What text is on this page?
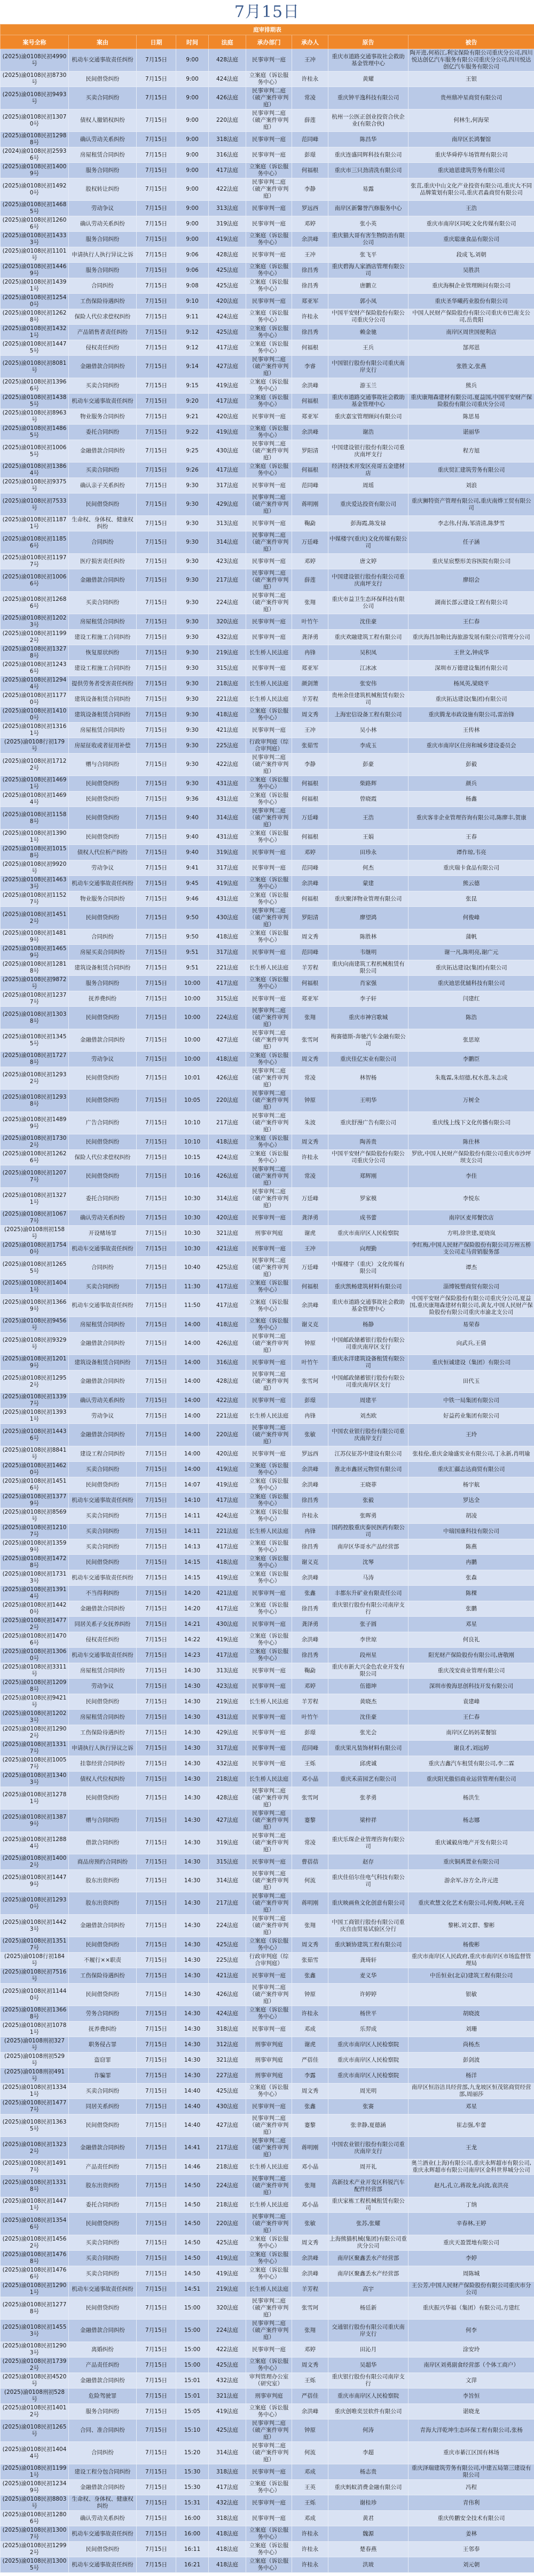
7月15日
庭审排期表								
案号全称	案由	日期	时间	法庭	承办部门	承办人	原告	被告
(2025)渝0108民初4990号	机动车交通事故责任纠纷	7月15日	9:00	428法庭	民事审判一庭	王冲	重庆市道路交通事故社会救助基金管理中心	陶开进,何裕江,利宝保险有限公司重庆分公司,四川悦达创亿汽车服务有限公司重庆分公司,四川悦达创亿汽车服务有限公司
(2025)渝0108民初8730号	民间借贷纠纷	7月15日	9:00	424法庭	立案庭（诉讼服务中心）	许桂永	黄耀	王银
(2025)渝0108民初9493号	买卖合同纠纷	7月15日	9:00	426法庭	民事审判二庭（破产案件审判庭）	常凌	重庆钟平逸科技有限公司	贵州鼎冲星商贸有限公司
(2025)渝0108民初13070号	债权人撤销权纠纷	7月15日	9:00	220法庭	民事审判二庭（破产案件审判庭）	薛莲	杭州一公医正创业投资合伙企业(有限合伙)	何林生,何海荣
(2025)渝0108民初12988号	确认劳动关系纠纷	7月15日	9:00	318法庭	民事审判一庭	范同峰	陈昌华	南岸区长鸿餐馆
(2024)渝0108民初25936号	房屋租赁合同纠纷	7月15日	9:00	316法庭	民事审判一庭	彭璟	重庆连盛同辉科技有限公司	重庆华舜停车场管理有限公司
(2025)渝0108民初14009号	服务合同纠纷	7月15日	9:00	417法庭	立案庭（诉讼服务中心）	何福根	重庆市三只劲清洗有限公司	重庆迪恩建筑劳务有限公司
(2025)渝0108民初14920号	股权转让纠纷	7月15日	9:00	422法庭	民事审判二庭（破产案件审判庭）	李静	易露	张苴,重庆中山文化产业投资有限公司,重庆大不同品牌策划有限公司,重庆君淼商贸有限公司
(2025)渝0108民初14685号	劳动争议	7月15日	9:00	313法庭	民事审判一庭	罗远西	南岸区新馨誉汽修服务中心	王浩
(2025)渝0108民初12606号	确认劳动关系纠纷	7月15日	9:00	319法庭	民事审判一庭	邓婷	张小英	重庆市南岸区同屹文化传媒有限公司
(2025)渝0108民初14333号	服务合同纠纷	7月15日	9:00	419法庭	立案庭（诉讼服务中心）	余洪峰	重庆猫大哥有害生物防治有限公司	重庆聪康食品有限公司
(2025)渝0108民初1101号	申请执行人执行异议之诉	7月15日	9:06	428法庭	民事审判一庭	王冲	张飞平	段成飞,刘朝
(2025)渝0108民初14469号	服务合同纠纷	7月15日	9:06	425法庭	立案庭（诉讼服务中心）	徐昌秀	重庆碧海人家酒店管理有限公司	吴胜洪
(2025)渝0108民初14391号	合同纠纷	7月15日	9:08	425法庭	立案庭（诉讼服务中心）	徐昌秀	唐鹏立	重庆海桐企业管理顾问有限公司
(2025)渝0108民初12540号	工伤保险待遇纠纷	7月15日	9:10	420法庭	民事审判一庭	郑亚军	郭小凤	重庆圣华曦药业股份有限公司
(2025)渝0108民初12628号	保险人代位求偿权纠纷	7月15日	9:11	424法庭	立案庭（诉讼服务中心）	许桂永	中国平安财产保险股份有限公司重庆分公司	中国人民财产保险股份有限公司重庆市巴南支公司,岳贵阳
(2025)渝0108民初14321号	产品销售者责任纠纷	7月15日	9:12	425法庭	立案庭（诉讼服务中心）	徐昌秀	赖金驰	南岸区周世国便利店
(2025)渝0108民初14475号	侵权责任纠纷	7月15日	9:12	417法庭	立案庭（诉讼服务中心）	何福根	王兵	郜邦恩
(2025)渝0108民初8081号	金融借款合同纠纷	7月15日	9:14	427法庭	民事审判二庭（破产案件审判庭）	李睿	中国银行股份有限公司重庆南岸支行	张胜文,张燕
(2025)渝0108民初13966号	买卖合同纠纷	7月15日	9:15	419法庭	立案庭（诉讼服务中心）	余洪峰	游玉兰	熊兵
(2025)渝0108民初14385号	机动车交通事故责任纠纷	7月15日	9:20	417法庭	立案庭（诉讼服务中心）	何福根	重庆市道路交通事故社会救助基金管理中心	重庆康翔森建材有限公司,夏益国,中国平安财产保险股份有限公司重庆分公司
(2025)渝0108民初8963号	物业服务合同纠纷	7月15日	9:21	420法庭	民事审判一庭	郑亚军	重庆嘉宝管理顾问有限公司	陈思易
(2025)渝0108民初14865号	委托合同纠纷	7月15日	9:22	419法庭	立案庭（诉讼服务中心）	余洪峰	谢浩	谌丽华
(2025)渝0108民初10065号	金融借款合同纠纷	7月15日	9:25	430法庭	民事审判二庭（破产案件审判庭）	罗阳清	中国建设银行股份有限公司重庆南坪支行	程方旭
(2025)渝0108民初13864号	买卖合同纠纷	7月15日	9:26	417法庭	立案庭（诉讼服务中心）	何福根	经济技术开发区亮哥五金建材店	重庆贸汇建筑劳务有限公司
(2025)渝0108民初9375号	确认亲子关系纠纷	7月15日	9:30	317法庭	民事审判一庭	范同峰	周瑶	刘浪
(2025)渝0108民初7533号	民间借贷纠纷	7月15日	9:30	429法庭	民事审判二庭（破产案件审判庭）	蒋明刚	重庆爱达投资有限公司	重庆狮特资产管理有限公司,重庆南烨工贸有限公司
(2025)渝0108民初11871号	生命权、身体权、健康权纠纷	7月15日	9:30	313法庭	民事审判一庭	鞠勐	彭海霞,陈发禄	李志伟,付海,邹清清,陈梦雪
(2025)渝0108民初11856号	合同纠纷	7月15日	9:30	314法庭	民事审判二庭（破产案件审判庭）	万廷峰	中媒楼宇(重庆)文化传媒有限公司	任子涵
(2025)渝0108民初11977号	医疗损害责任纠纷	7月15日	9:30	423法庭	民事审判一庭	邓婷	唐文婷	重庆星宸整形美容医院有限公司
(2025)渝0108民初10066号	金融借款合同纠纷	7月15日	9:30	217法庭	民事审判二庭（破产案件审判庭）	薛莲	中国建设银行股份有限公司重庆南坪支行	廖绍会
(2025)渝0108民初12686号	买卖合同纠纷	7月15日	9:30	224法庭	民事审判二庭（破产案件审判庭）	张翔	重庆市益卫生态环保科技有限公司	湖南长部云建设工程有限公司
(2025)渝0108民初12023号	房屋租赁合同纠纷	7月15日	9:30	320法庭	民事审判一庭	叶竹午	沈佳豪	王仁春
(2025)渝0108民初11992号	建设工程施工合同纠纷	7月15日	9:30	432法庭	民事审判一庭	龚泽勇	重庆欢融建筑工程有限公司	重庆海昌加勒比海旅游发展有限公司管理分公司
(2025)渝0108民初13278号	恢复原状纠纷	7月15日	9:30	219法庭	长生桥人民法庭	冉锋	吴积凤	王世文,钟成华
(2025)渝0108民初12436号	建设工程施工合同纠纷	7月15日	9:30	315法庭	民事审判一庭	郑亚军	江冰冰	深圳市万德建设集团有限公司
(2025)渝0108民初12944号	提供劳务者受害责任纠纷	7月15日	9:30	218法庭	长生桥人民法庭	颜剑箫	张安伟	杨凤英,梁晓平
(2025)渝0108民初11770号	建筑设备租赁合同纠纷	7月15日	9:30	221法庭	长生桥人民法庭	羊芳程	贵州余佳建筑机械租赁有限公司	重庆拓达建设(集团)有限公司
(2025)渝0108民初14100号	建筑设备租赁合同纠纷	7月15日	9:30	418法庭	立案庭（诉讼服务中心）	周文秀	上海宏信设备工程有限公司	重庆腾龙市政设施有限公司,雷治锋
(2025)渝0108民初13161号	房屋租赁合同纠纷	7月15日	9:30	421法庭	民事审判一庭	王冲	吴小林	王传林
(2025)渝0108行初179号	房屋征收或者征用补偿	7月15日	9:30	225法庭	行政审判庭（综合审判庭）	张茹雪	李成玉	重庆市南岸区住房和城乡建设委员会
(2025)渝0108民初17122号	赠与合同纠纷	7月15日	9:30	422法庭	民事审判二庭（破产案件审判庭）	李静	彭豪	彭毅
(2025)渝0108民初14691号	民间借贷纠纷	7月15日	9:30	431法庭	立案庭（诉讼服务中心）	何福根	柴路辉	颜兵
(2025)渝0108民初14694号	民间借贷纠纷	7月15日	9:36	431法庭	立案庭（诉讼服务中心）	何福根	曾晓霞	杨鑫
(2025)渝0108民初11588号	民间借贷纠纷	7月15日	9:40	314法庭	民事审判二庭（破产案件审判庭）	万廷峰	王浩	重庆客非企业管理咨询有限公司,陈廖丰,贺康
(2025)渝0108民初13901号	民间借贷纠纷	7月15日	9:40	431法庭	立案庭（诉讼服务中心）	何福根	王娟	王春
(2025)渝0108民初10158号	债权人代位析产纠纷	7月15日	9:40	319法庭	民事审判一庭	邓婷	田珍永	谭作琼,韦亮
(2025)渝0108民初9920号	劳动争议	7月15日	9:41	317法庭	民事审判一庭	范同峰	何杰	重庆瑞卡食品有限公司
(2025)渝0108民初14633号	机动车交通事故责任纠纷	7月15日	9:45	419法庭	立案庭（诉讼服务中心）	余洪峰	蒙建	熊云德
(2025)渝0108民初11527号	物业服务合同纠纷	7月15日	9:46	431法庭	立案庭（诉讼服务中心）	何福根	重庆聚泽物业管理有限公司	张昆
(2025)渝0108民初14512号	民间借贷纠纷	7月15日	9:50	430法庭	民事审判二庭（破产案件审判庭）	罗阳清	廖望鸿	何俊峰
(2025)渝0108民初14819号	合同纠纷	7月15日	9:50	418法庭	立案庭（诉讼服务中心）	周文秀	陈胜林	蒲帆
(2025)渝0108民初14659号	房屋买卖合同纠纷	7月15日	9:51	317法庭	民事审判一庭	范同峰	韦继明	谢一凡,陈明亮,谢广元
(2025)渝0108民初12818号	建筑设备租赁合同纠纷	7月15日	9:51	221法庭	长生桥人民法庭	羊芳程	重庆向南建筑工程机械租赁有限公司	重庆拓达建设(集团)有限公司
(2025)渝0108民初9872号	服务合同纠纷	7月15日	10:00	417法庭	立案庭（诉讼服务中心）	何福根	肖家强	重庆迪思优辅科技有限公司
(2025)渝0108民初12377号	抚养费纠纷	7月15日	10:00	315法庭	民事审判一庭	郑亚军	李子轩	闫建红
(2025)渝0108民初13038号	民间借贷纠纷	7月15日	10:00	224法庭	民事审判二庭（破产案件审判庭）	张翔	重庆市神宫歌城	陈浩
(2025)渝0108民初13455号	金融借款合同纠纷	7月15日	10:00	427法庭	民事审判二庭（破产案件审判庭）	张雪珂	梅赛德斯-奔驰汽车金融有限公司	张思琼
(2025)渝0108民初17278号	劳动争议	7月15日	10:00	418法庭	立案庭（诉讼服务中心）	周文秀	重庆佳亿实业有限公司	李鹏臣
(2025)渝0108民初12932号	民间借贷纠纷	7月15日	10:01	426法庭	民事审判二庭（破产案件审判庭）	常凌	林智杨	朱胤霖,朱绍德,权水莲,朱志成
(2025)渝0108民初12938号	民间借贷纠纷	7月15日	10:05	220法庭	民事审判二庭（破产案件审判庭）	钟原	王明华	万树全
(2025)渝0108民初14899号	广告合同纠纷	7月15日	10:10	217法庭	民事审判二庭（破产案件审判庭）	朱波	重庆舒漫广告有限公司	重庆线上线下文化传播有限公司
(2025)渝0108民初17302号	民间借贷纠纷	7月15日	10:10	418法庭	立案庭（诉讼服务中心）	周文秀	陶善贵	陈仕林
(2025)渝0108民初12626号	保险人代位求偿权纠纷	7月15日	10:15	424法庭	立案庭（诉讼服务中心）	许桂永	中国平安财产保险股份有限公司重庆分公司	罗欣,中国人民财产保险股份有限公司重庆市沙坪坝支公司
(2025)渝0108民初12077号	民间借贷纠纷	7月15日	10:16	426法庭	民事审判二庭（破产案件审判庭）	常凌	郑辉刚	李佳
(2025)渝0108民初13271号	委托合同纠纷	7月15日	10:30	314法庭	民事审判二庭（破产案件审判庭）	万廷峰	罗家模	李悦东
(2025)渝0108民初10677号	确认劳动关系纠纷	7月15日	10:30	420法庭	民事审判一庭	龚泽勇	成书蕾	南岸区麦邦餐饮店
(2025)渝0108刑初158号	开设赌场罪	7月15日	10:30	321法庭	刑事审判庭	谢虎	重庆市南岸区人民检察院	方明,徐世建,夏晓岚
(2025)渝0108民初17540号	机动车交通事故责任纠纷	7月15日	10:30	421法庭	民事审判一庭	王冲	向理勤	李红梅,中国人民财产保险股份有限公司万州五桥支公司走马营销服务部
(2025)渝0108民初12655号	合同纠纷	7月15日	10:40	425法庭	民事审判二庭（破产案件审判庭）	万廷峰	中媒楼宇（重庆）文化传媒有限公司	谭杰
(2025)渝0108民初14041号	买卖合同纠纷	7月15日	11:30	417法庭	立案庭（诉讼服务中心）	何福根	重庆凯畅建筑材料有限公司	淄博锐塑商贸有限公司
(2025)渝0108民初13669号	机动车交通事故责任纠纷	7月15日	11:50	417法庭	立案庭（诉讼服务中心）	余洪峰	重庆市道路交通事故社会救助基金管理中心	中国平安财产保险股份有限公司重庆分公司,夏益国,重庆康翔森建材有限公司,黄友,中国人民财产保险股份有限公司重庆市渝北支公司
(2025)渝0108民初9456号	房屋租赁合同纠纷	7月15日	14:00	418法庭	立案庭（诉讼服务中心）	谢义克	杨静	易荣春
(2025)渝0108民初9329号	金融借款合同纠纷	7月15日	14:00	426法庭	民事审判二庭（破产案件审判庭）	钟原	中国邮政储蓄银行股份有限公司重庆南岸区支行	向武兵,王倩
(2025)渝0108民初12019号	建筑设备租赁合同纠纷	7月15日	14:00	316法庭	民事审判一庭	叶竹午	重庆永洋建筑设备租赁有限公司	重庆恒诚建设（集团）有限公司
(2025)渝0108民初12952号	金融借款合同纠纷	7月15日	14:00	428法庭	民事审判二庭（破产案件审判庭）	张雪珂	中国邮政储蓄银行股份有限公司重庆南岸区支行	田代玉
(2025)渝0108民初13397号	确认劳动关系纠纷	7月15日	14:00	422法庭	民事审判一庭	彭璟	周建平	中铁一局集团有限公司
(2025)渝0108民初13931号	劳动争议	7月15日	14:00	221法庭	长生桥人民法庭	冉锋	刘杰欧	好益药业集团有限公司
(2025)渝0108民初14436号	金融借款合同纠纷	7月15日	14:00	220法庭	民事审判二庭（破产案件审判庭）	张敏	中国农业银行股份有限公司重庆南岸支行	王玲
(2025)渝0108民初8841号	建设工程合同纠纷	7月15日	14:00	420法庭	民事审判一庭	罗远西	江苏仪征苏中建设有限公司	张桂伦,重庆金瑜盛实业有限公司,丁永新,肖明瑜
(2025)渝0108民初14620号	买卖合同纠纷	7月15日	14:00	419法庭	立案庭（诉讼服务中心）	余洪峰	淮北市鑫居元物贸有限公司	重庆汇疆志达商贸有限公司
(2025)渝0108民初14516号	民间借贷纠纷	7月15日	14:07	419法庭	立案庭（诉讼服务中心）	余洪峰	王晓菲	杨宇航
(2025)渝0108民初13779号	机动车交通事故责任纠纷	7月15日	14:10	417法庭	立案庭（诉讼服务中心）	徐昌秀	张毅	罗达全
(2025)渝0108民初8569号	买卖合同纠纷	7月15日	14:11	424法庭	立案庭（诉讼服务中心）	许桂永	张晖勇	胡凌
(2025)渝0108民初12107号	买卖合同纠纷	7月15日	14:11	221法庭	长生桥人民法庭	冉锋	国药控股重庆泰民医药有限公司	中瑞国康科技有限公司
(2025)渝0108民初13599号	买卖合同纠纷	7月15日	14:13	417法庭	立案庭（诉讼服务中心）	徐昌秀	南岸区华哥水产品经营部	陈燕
(2025)渝0108民初14728号	民间借贷纠纷	7月15日	14:15	418法庭	立案庭（诉讼服务中心）	谢义克	沈琴	冉鹏
(2025)渝0108民初17313号	机动车交通事故责任纠纷	7月15日	14:15	419法庭	立案庭（诉讼服务中心）	余洪峰	马涛	张森
(2025)渝0108民初13914号	不当得利纠纷	7月15日	14:20	421法庭	民事审判一庭	张鑫	丰都东升矿业有限责任公司	陈棵
(2025)渝0108民初14420号	金融借款合同纠纷	7月15日	14:20	417法庭	立案庭（诉讼服务中心）	徐昌秀	重庆银行股份有限公司南岸支行	张鹏
(2025)渝0108民初14772号	同居关系子女抚养纠纷	7月15日	14:21	430法庭	民事审判一庭	龚泽勇	张子圆	邓星
(2025)渝0108民初14706号	侵权责任纠纷	7月15日	14:22	419法庭	立案庭（诉讼服务中心）	余洪峰	李世琼	何良礼
(2025)渝0108民初13060号	机动车交通事故责任纠纷	7月15日	14:23	417法庭	立案庭（诉讼服务中心）	徐昌秀	段州星	阳光财产保险股份有限公司,唐敬刚
(2025)渝0108民初3311号	房屋租赁合同纠纷	7月15日	14:30	313法庭	民事审判一庭	鞠勐	重庆市新大兴金色农业开发有限公司	重庆茂安商业管理有限公司
(2025)渝0108民初12098号	劳动争议	7月15日	14:30	423法庭	民事审判一庭	邓婷	伍德坤	深圳市俊海思创科技开发有限公司
(2025)渝0108民初9421号	民间借贷纠纷	7月15日	14:30	219法庭	长生桥人民法庭	羊芳程	黄晓杰	袁建峰
(2025)渝0108民初12023号	房屋租赁合同纠纷	7月15日	14:30	431法庭	民事审判一庭	叶竹午	沈佳豪	王仁春
(2025)渝0108民初12902号	工伤保险待遇纠纷	7月15日	14:30	429法庭	民事审判一庭	彭璟	张光会	南岸区亿妈妈菜餐馆
(2025)渝0108民初13317号	申请执行人执行异议之诉	7月15日	14:30	317法庭	民事审判一庭	范同峰	重庆果凡装饰材料有限公司	谢良才,刘远婷
(2025)渝0108民初10057号	挂靠经营合同纠纷	7月15日	14:30	432法庭	民事审判一庭	王烁	邱虎诚	重庆吉鑫汽车租赁有限公司,李二霖
(2025)渝0108民初13403号	债权人代位权纠纷	7月15日	14:30	218法庭	长生桥人民法庭	邓小晶	重庆禾苗园艺有限公司	重庆阳光傲佰商业运营管理有限公司
(2025)渝0108民初12781号	民间借贷纠纷	7月15日	14:30	428法庭	民事审判二庭（破产案件审判庭）	张雪珂	张孝勇	杨洪生
(2025)渝0108民初13879号	赠与合同纠纷	7月15日	14:30	427法庭	民事审判二庭（破产案件审判庭）	蹇黎	梁梓祥	杨志娜
(2025)渝0108民初12884号	借款合同纠纷	7月15日	14:30	319法庭	民事审判二庭（破产案件审判庭）	常凌	重庆乐琛企业管理咨询有限公司	重庆诚毅房地产开发有限公司
(2025)渝0108民初14002号	商品房预约合同纠纷	7月15日	14:30	315法庭	民事审判一庭	曹蓓蓓	赵存	重庆铜禹置业有限公司
(2025)渝0108民初14479号	股东出资纠纷	7月15日	14:30	314法庭	民事审判二庭（破产案件审判庭）	何流	重庆佳佰尔佳电气科技有限公司	游余军,谷方全,许元进
(2025)渝0108民初12930号	股东出资纠纷	7月15日	14:30	217法庭	民事审判二庭（破产案件审判庭）	蒋明刚	重庆映画鱼文化创意有限公司	重庆欢慧文化艺术有限公司,何俊,何峡,王亮
(2025)渝0108民初14423号	金融借款合同纠纷	7月15日	14:30	224法庭	民事审判二庭（破产案件审判庭）	张翔	中国工商银行股份有限公司重庆自由贸易试验区分行	黎彬,刘文群、黎彬
(2025)渝0108民初13517号	民间借贷纠纷	7月15日	14:30	425法庭	立案庭（诉讼服务中心）	周文秀	重庆颖协建筑工程有限公司	杨俊彬
(2025)渝0108行初184号	不履行××职责	7月15日	14:30	225法庭	行政审判庭（综合审判庭）	张茹雪	龚琦轩	重庆市南岸区人民政府,重庆市南岸区市场监督管理局
(2025)渝0108民初7516号	工伤保险待遇纠纷	7月15日	14:30	421法庭	民事审判一庭	张鑫	麦义华	中岳恒业(北京)建筑工程有限公司
(2025)渝0108民初11440号	民间借贷纠纷	7月15日	14:30	426法庭	民事审判二庭（破产案件审判庭）	钟原	许婷婷	银敏
(2025)渝0108民初13668号	劳务合同纠纷	7月15日	14:30	424法庭	立案庭（诉讼服务中心）	许桂永	杨世平	胡晓波
(2025)渝0108民初10781号	抚养费纠纷	7月15日	14:30	318法庭	民事审判一庭	邓成	乐羿成	刘珊
(2025)渝0108刑初327号	职务侵占罪	7月15日	14:30	312法庭	刑事审判庭	谢虎	重庆市南岸区人民检察院	尚杨杰
(2025)渝0108刑初529号	盗窃罪	7月15日	14:30	321法庭	刑事审判庭	严蓓佳	重庆市南岸区人民检察院	彭剑波
(2025)渝0108刑初491号	诈骗罪	7月15日	14:30	227法庭	刑事审判庭	李露	重庆市南岸区人民检察院	杨洋
(2025)渝0108民初13341号	买卖合同纠纷	7月15日	14:40	425法庭	立案庭（诉讼服务中心）	周文秀	周光明	南岸区恒浴洁具经营部,九龙坡区恒茂铭商贸经营部,周丽莎
(2025)渝0108民初14777号	同居关系纠纷	7月15日	14:40	430法庭	民事审判一庭	张鑫	张赛	邓星
(2025)渝0108民初13635号	民间借贷纠纷	7月15日	14:40	427法庭	民事审判二庭（破产案件审判庭）	蹇黎	张聿静,夏德涵	崔志强,牟蕾
(2025)渝0108民初13232号	金融借款合同纠纷	7月15日	14:41	217法庭	民事审判二庭（破产案件审判庭）	蒋明刚	中国农业银行股份有限公司重庆南岸支行	王龙
(2025)渝0108民初14917号	产品责任纠纷	7月15日	14:46	218法庭	长生桥人民法庭	邓小晶	周开礼	奥兰酒业(上海)有限公司,重庆永辉超市有限公司,重庆永辉超市有限公司南岸区金科世界城分公司
(2025)渝0108民初13318号	股东出资纠纷	7月15日	14:50	224法庭	民事审判二庭（破产案件审判庭）	张翔	高新技术产业开发区科锐汽车配件经营部	赵凡,孔立,蒋故龙,向波,袁洪亮
(2025)渝0108民初14471号	委托合同纠纷	7月15日	14:50	218法庭	长生桥人民法庭	邓小晶	重庆家栋工程机械租赁有限公司	丁纳
(2025)渝0108民初13546号	民间借贷纠纷	7月15日	14:50	220法庭	民事审判二庭（破产案件审判庭）	张敏	张苏,张耀	辛春林,王婷
(2025)渝0108民初14562号	买卖合同纠纷	7月15日	14:50	425法庭	立案庭（诉讼服务中心）	周文秀	上海熊猫机械(集团)有限公司重庆分公司	重庆天盈置地有限公司
(2025)渝0108民初14768号	买卖合同纠纷	7月15日	14:50	419法庭	立案庭（诉讼服务中心）	余洪峰	南岸区聚鑫丢水产经营部	李婷
(2025)渝0108民初14766号	买卖合同纠纷	7月15日	14:50	419法庭	立案庭（诉讼服务中心）	余洪峰	南岸区聚鑫丢水产经营部	周陈城
(2025)渝0108民初12901号	机动车交通事故责任纠纷	7月15日	14:51	219法庭	长生桥人民法庭	羊芳程	高宇	王公芳,中国人民财产保险股份有限公司重庆市分公司
(2025)渝0108民初12778号	民间借贷纠纷	7月15日	15:00	320法庭	民事审判二庭（破产案件审判庭）	张雪珂	杨廷新	重庆振兴华福（集团）有限公司,方建红
(2025)渝0108民初14553号	金融借款合同纠纷	7月15日	15:00	224法庭	民事审判二庭（破产案件审判庭）	张翔	交通银行股份有限公司重庆南岸支行	何李
(2025)渝0108民初12903号	离婚纠纷	7月15日	15:00	422法庭	民事审判一庭	邓婷	田沁月	涂安玲
(2025)渝0108民初17392号	产品责任纠纷	7月15日	15:00	425法庭	立案庭（诉讼服务中心）	周文秀	吴超华	南岸区刘勇副食经营部（个体工商户）
(2025)渝0108民初4520号	金融借款合同纠纷	7月15日	15:01	432法庭	审判管理办公室（研究室）	王烁	重庆银行股份有限公司南岸支行	文萍
(2025)渝0108刑初528号	危险驾驶罪	7月15日	15:01	321法庭	刑事审判庭	严蓓佳	重庆市南岸区人民检察院	李旨恒
(2025)渝0108民初14012号	服务合同纠纷	7月15日	15:05	419法庭	立案庭（诉讼服务中心）	余洪峰	重庆创唯奕昱软件有限公司	谌晓龙
(2025)渝0108民初1265号	合同、准合同纠纷	7月15日	15:10	425法庭	民事审判二庭（破产案件审判庭）	钟原	何涛	青海大洋乾坤生态环保工程有限公司,张杨
(2025)渝0108民初14044号	合同纠纷	7月15日	15:20	314法庭	民事审判二庭（破产案件审判庭）	何流	李超	重庆市綦江区国有林场
(2025)渝0108民初11991号	建设工程分包合同纠纷	7月15日	15:30	318法庭	民事审判一庭	邓成	杨志贵	重庆泽瑞建筑劳务有限公司,中建五局第三建设有限公司
(2025)渝0108民初12349号	金融借款合同纠纷	7月15日	15:30	417法庭	立案庭（诉讼服务中心）	王英	重庆蚂蚁消费金融有限公司	冯程
(2025)渝0108民初8803号	生命权、身体权、健康权纠纷	7月15日	15:31	432法庭	民事审判一庭	王烁	谢桂珍	青伟利
(2025)渝0108民初12806号	确认劳动关系纠纷	7月15日	16:00	318法庭	民事审判一庭	邓成	黄君	重庆传鹏安全技术有限公司
(2025)渝0108民初13007号	机动车交通事故责任纠纷	7月15日	16:00	418法庭	立案庭（诉讼服务中心）	许桂永	魏源	姜林
(2025)渝0108民初12992号	民间借贷纠纷	7月15日	16:11	418法庭	立案庭（诉讼服务中心）	许桂永	楚春燕	王邻奉
(2025)渝0108民初13005号	机动车交通事故责任纠纷	7月15日	16:21	418法庭	立案庭（诉讼服务中心）	许桂永	洪玻	刘元朝
